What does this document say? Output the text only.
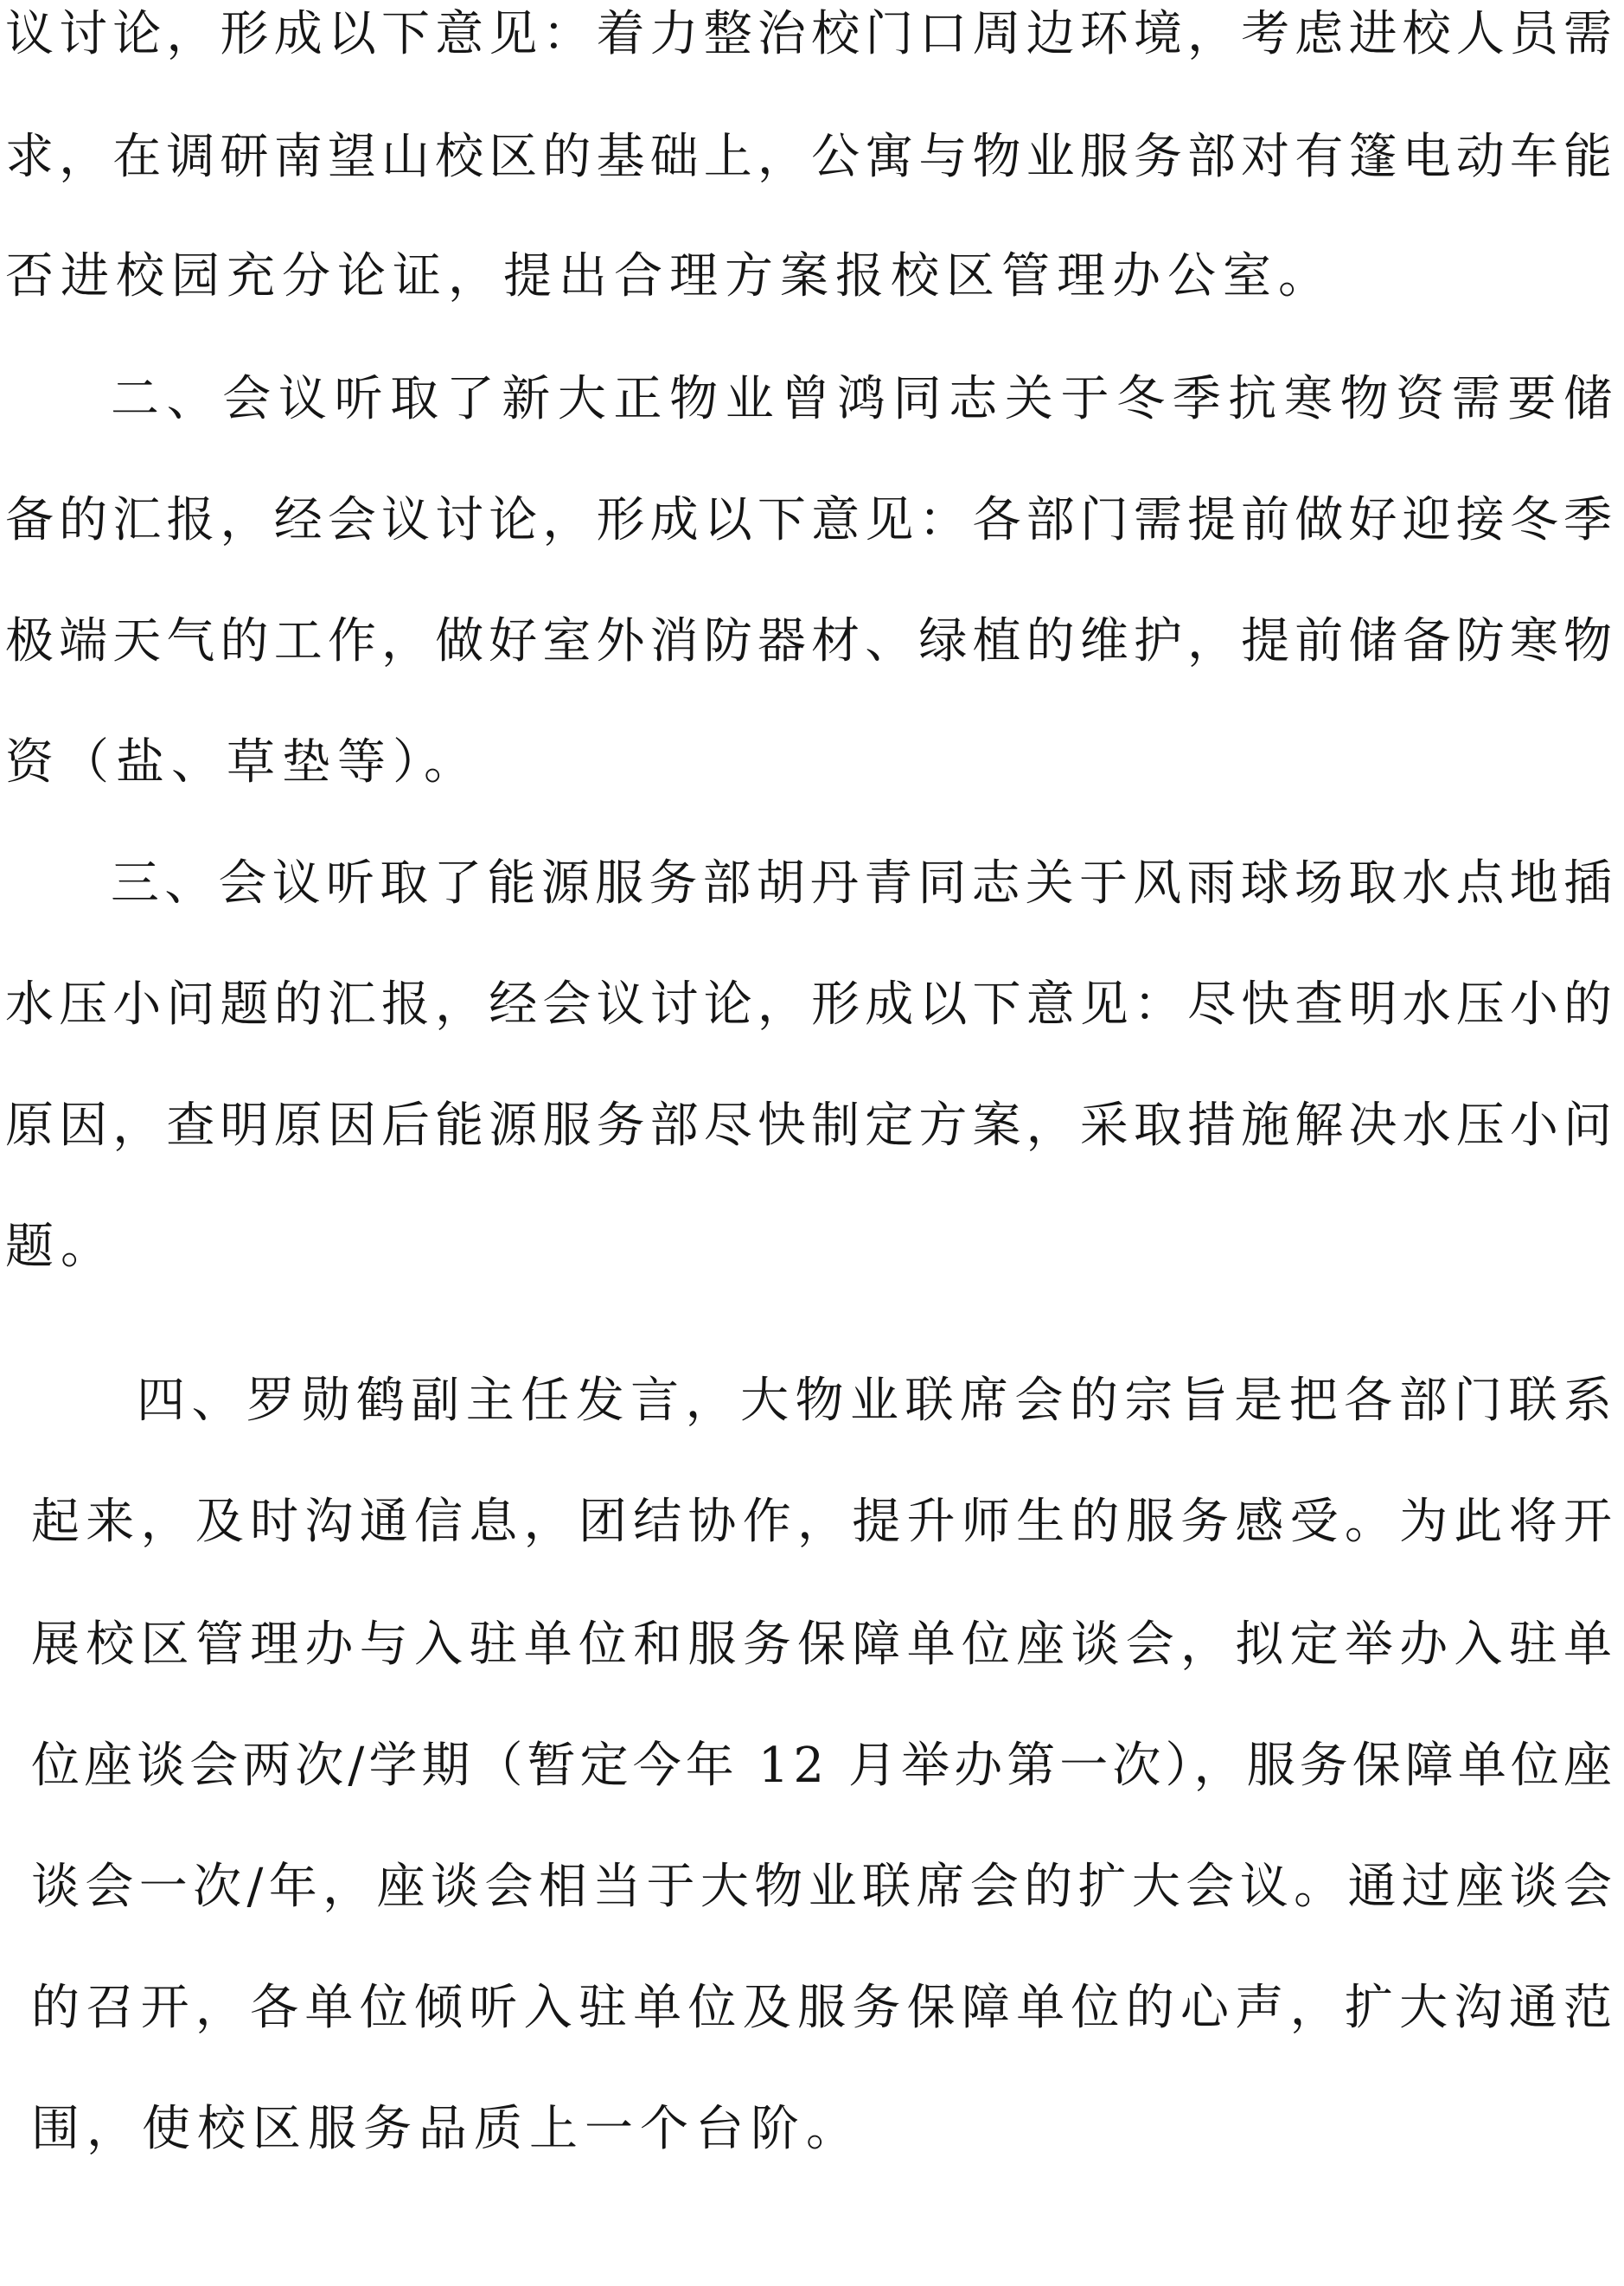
议讨论，形成以下意见：着力整治校门口周边环境，考虑进校人员需
求，在调研南望山校区的基础上，公寓与物业服务部对有篷电动车能
否进校园充分论证，提出合理方案报校区管理办公室。
二、会议听取了新大正物业曾鸿同志关于冬季抗寒物资需要储
备的汇报，经会议讨论，形成以下意见：各部门需提前做好迎接冬季
极端天气的工作，做好室外消防器材、绿植的维护，提前储备防寒物
资（盐、草垫等）。
三、会议听取了能源服务部胡丹青同志关于风雨球场取水点地插
水压小问题的汇报，经会议讨论，形成以下意见：尽快查明水压小的
原因，查明原因后能源服务部尽快制定方案，采取措施解决水压小问
题。
四、罗勋鹤副主任发言，大物业联席会的宗旨是把各部门联系
起来，及时沟通信息，团结协作，提升师生的服务感受。为此将开
展校区管理办与入驻单位和服务保障单位座谈会，拟定举办入驻单
位座谈会两次/学期（暂定今年 12 月举办第一次），服务保障单位座
谈会一次/年，座谈会相当于大物业联席会的扩大会议。通过座谈会
的召开，各单位倾听入驻单位及服务保障单位的心声，扩大沟通范
围，使校区服务品质上一个台阶。
